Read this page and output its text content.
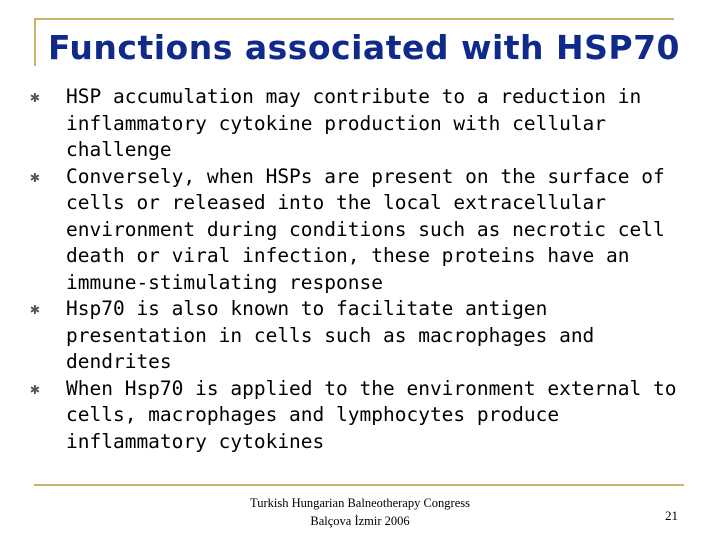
Functions associated with HSP70
✱	HSP accumulation may contribute to a reduction in inflammatory cytokine production with cellular challenge
✱	Conversely, when HSPs are present on the surface of cells or released into the local extracellular environment during conditions such as necrotic cell death or viral infection, these proteins have an immune-stimulating response
✱	Hsp70 is also known to facilitate antigen presentation in cells such as macrophages and dendrites
✱	When Hsp70 is applied to the environment external to cells, macrophages and lymphocytes produce inflammatory cytokines
Turkish Hungarian Balneotherapy Congress
Balçova İzmir 2006	21
